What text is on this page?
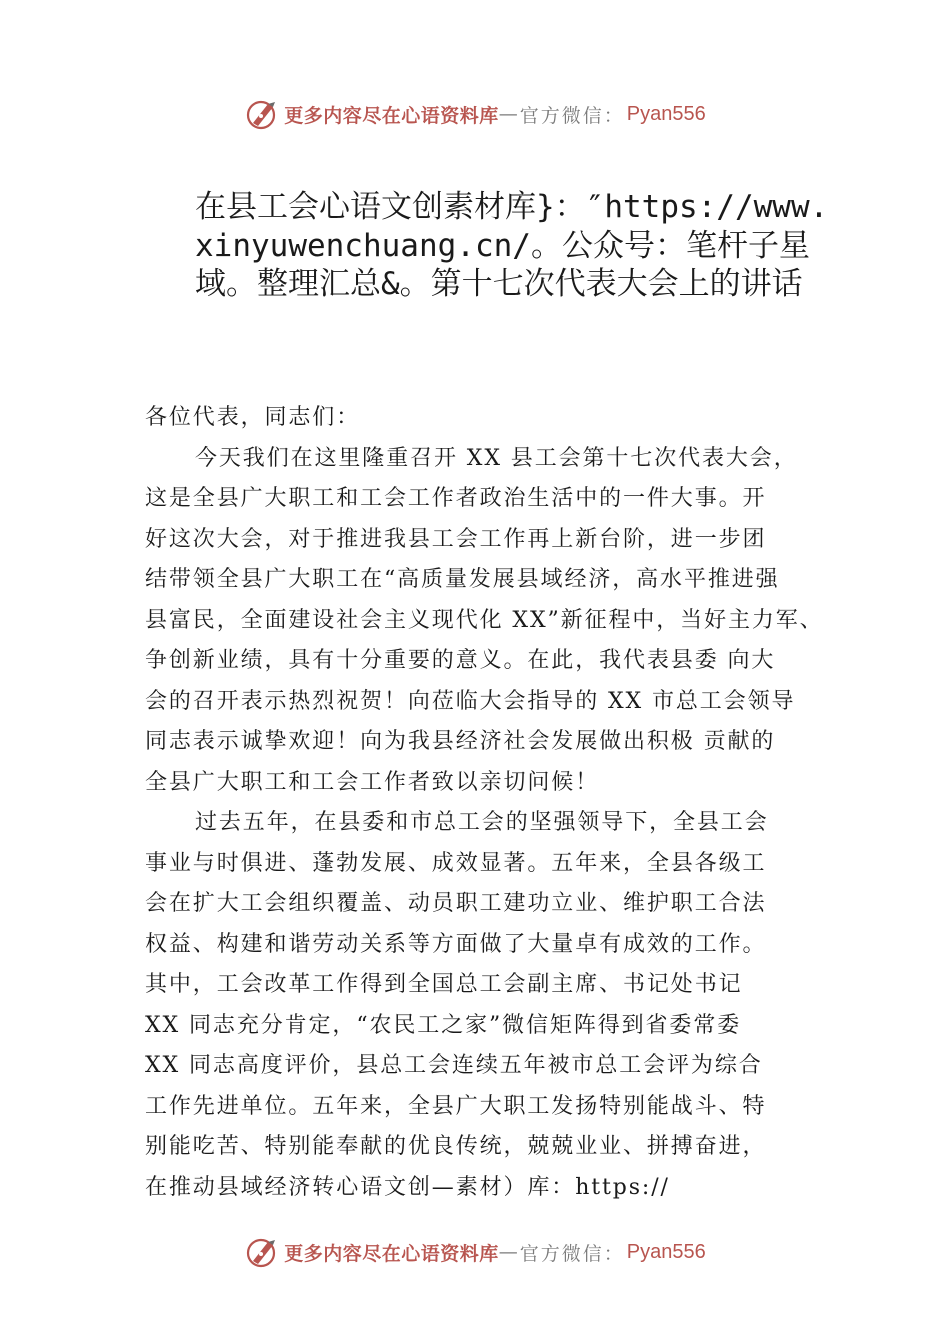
更多内容尽在心语资料库 — 官方微信： Pyan556
在县工会心语文创素材库}：″https://www.xinyuwenchuang.cn/。公众号：笔杆子星域。整理汇总&。第十七次代表大会上的讲话
各位代表，同志们：
今天我们在这里隆重召开 XX 县工会第十七次代表大会，
这是全县广大职工和工会工作者政治生活中的一件大事。开
好这次大会，对于推进我县工会工作再上新台阶，进一步团
结带领全县广大职工在“高质量发展县域经济，高水平推进强
县富民，全面建设社会主义现代化 XX”新征程中，当好主力军、
争创新业绩，具有十分重要的意义。在此，我代表县委 向大
会的召开表示热烈祝贺！向莅临大会指导的 XX 市总工会领导
同志表示诚挚欢迎！向为我县经济社会发展做出积极 贡献的
全县广大职工和工会工作者致以亲切问候！
过去五年，在县委和市总工会的坚强领导下，全县工会
事业与时俱进、蓬勃发展、成效显著。五年来，全县各级工
会在扩大工会组织覆盖、动员职工建功立业、维护职工合法
权益、构建和谐劳动关系等方面做了大量卓有成效的工作。
其中，工会改革工作得到全国总工会副主席、书记处书记
XX 同志充分肯定，“农民工之家”微信矩阵得到省委常委
XX 同志高度评价，县总工会连续五年被市总工会评为综合
工作先进单位。五年来，全县广大职工发扬特别能战斗、特
别能吃苦、特别能奉献的优良传统，兢兢业业、拼搏奋进，
在推动县域经济转心语文创—素材）库：https://
更多内容尽在心语资料库 — 官方微信： Pyan556
